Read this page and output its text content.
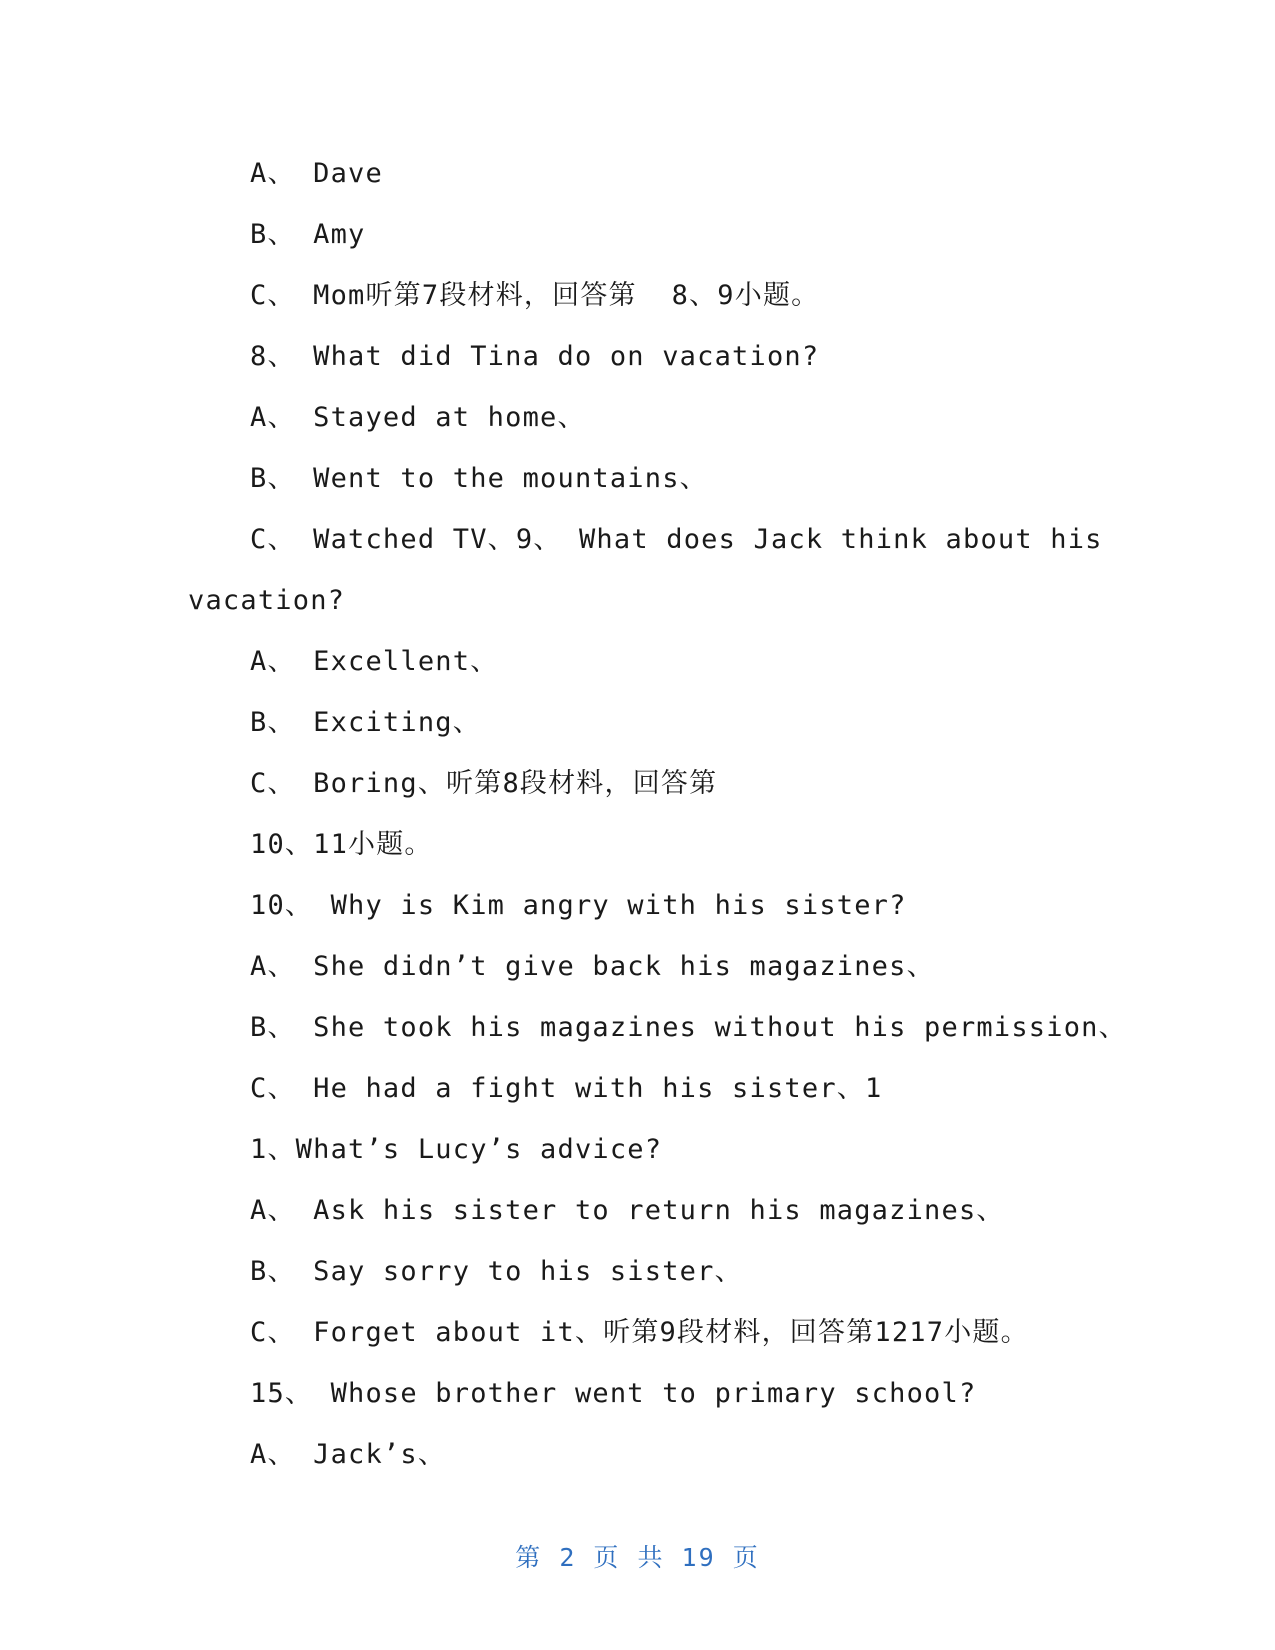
A、 Dave
B、 Amy
C、 Mom听第7段材料，回答第  8、9小题。
8、 What did Tina do on vacation?
A、 Stayed at home、
B、 Went to the mountains、
C、 Watched TV、9、 What does Jack think about his
vacation?
A、 Excellent、
B、 Exciting、
C、 Boring、听第8段材料，回答第
10、11小题。
10、 Why is Kim angry with his sister?
A、 She didn’t give back his magazines、
B、 She took his magazines without his permission、
C、 He had a fight with his sister、1
1、What’s Lucy’s advice?
A、 Ask his sister to return his magazines、
B、 Say sorry to his sister、
C、 Forget about it、听第9段材料，回答第1217小题。
15、 Whose brother went to primary school?
A、 Jack’s、
第 2 页 共 19 页
